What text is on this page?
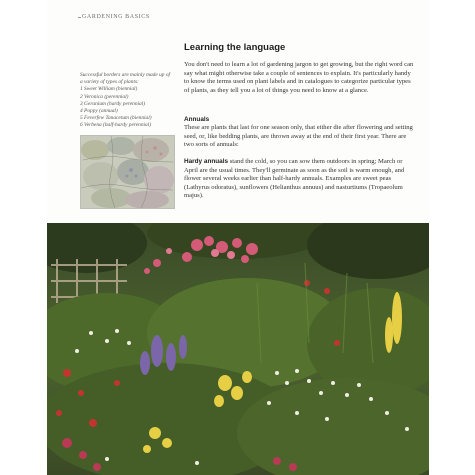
GARDENING BASICS
Successful borders are mainly made up of a variety of types of plants:
1 Sweet William (biennial)
2 Veronica (perennial)
3 Geranium (hardy perennial)
4 Poppy (annual)
5 Feverfew Tanacetum (biennial)
6 Verbena (half-hardy perennial)
Learning the language
You don't need to learn a lot of gardening jargon to get growing, but the right word can say what might otherwise take a couple of sentences to explain. It's particularly handy to know the terms used on plant labels and in catalogues to categorize particular types of plants, as they tell you a lot of things you need to know at a glance.
Annuals
These are plants that last for one season only, that either die after flowering and setting seed, or, like bedding plants, are thrown away at the end of their first year. There are two sorts of annuals:
Hardy annuals stand the cold, so you can sow them outdoors in spring; March or April are the usual times. They'll germinate as soon as the soil is warm enough, and flower several weeks earlier than half-hardy annuals. Examples are sweet peas (Lathyrus odoratus), sunflowers (Helianthus annuus) and nasturtiums (Tropaeolum majus).
